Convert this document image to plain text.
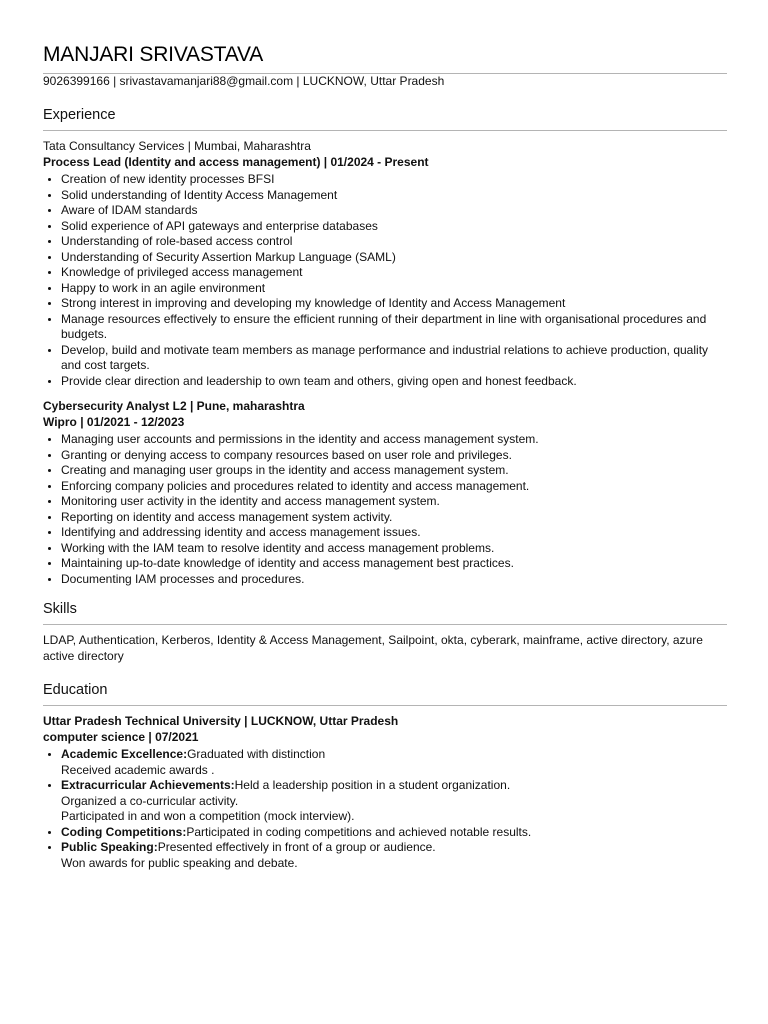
MANJARI SRIVASTAVA
9026399166 | srivastavamanjari88@gmail.com | LUCKNOW, Uttar Pradesh
Experience
Tata Consultancy Services | Mumbai, Maharashtra
Process Lead (Identity and access management) | 01/2024 - Present
• Creation of new identity processes BFSI
• Solid understanding of Identity Access Management
• Aware of IDAM standards
• Solid experience of API gateways and enterprise databases
• Understanding of role-based access control
• Understanding of Security Assertion Markup Language (SAML)
• Knowledge of privileged access management
• Happy to work in an agile environment
• Strong interest in improving and developing my knowledge of Identity and Access Management
• Manage resources effectively to ensure the efficient running of their department in line with organisational procedures and budgets.
• Develop, build and motivate team members as manage performance and industrial relations to achieve production, quality and cost targets.
• Provide clear direction and leadership to own team and others, giving open and honest feedback.
Cybersecurity Analyst L2 | Pune, maharashtra
Wipro | 01/2021 - 12/2023
• Managing user accounts and permissions in the identity and access management system.
• Granting or denying access to company resources based on user role and privileges.
• Creating and managing user groups in the identity and access management system.
• Enforcing company policies and procedures related to identity and access management.
• Monitoring user activity in the identity and access management system.
• Reporting on identity and access management system activity.
• Identifying and addressing identity and access management issues.
• Working with the IAM team to resolve identity and access management problems.
• Maintaining up-to-date knowledge of identity and access management best practices.
• Documenting IAM processes and procedures.
Skills
LDAP, Authentication, Kerberos, Identity & Access Management, Sailpoint, okta, cyberark, mainframe, active directory, azure active directory
Education
Uttar Pradesh Technical University | LUCKNOW, Uttar Pradesh
computer science | 07/2021
• Academic Excellence:Graduated with distinction
Received academic awards .
• Extracurricular Achievements:Held a leadership position in a student organization.
Organized a co-curricular activity.
Participated in and won a competition (mock interview).
• Coding Competitions:Participated in coding competitions and achieved notable results.
• Public Speaking:Presented effectively in front of a group or audience.
Won awards for public speaking and debate.
